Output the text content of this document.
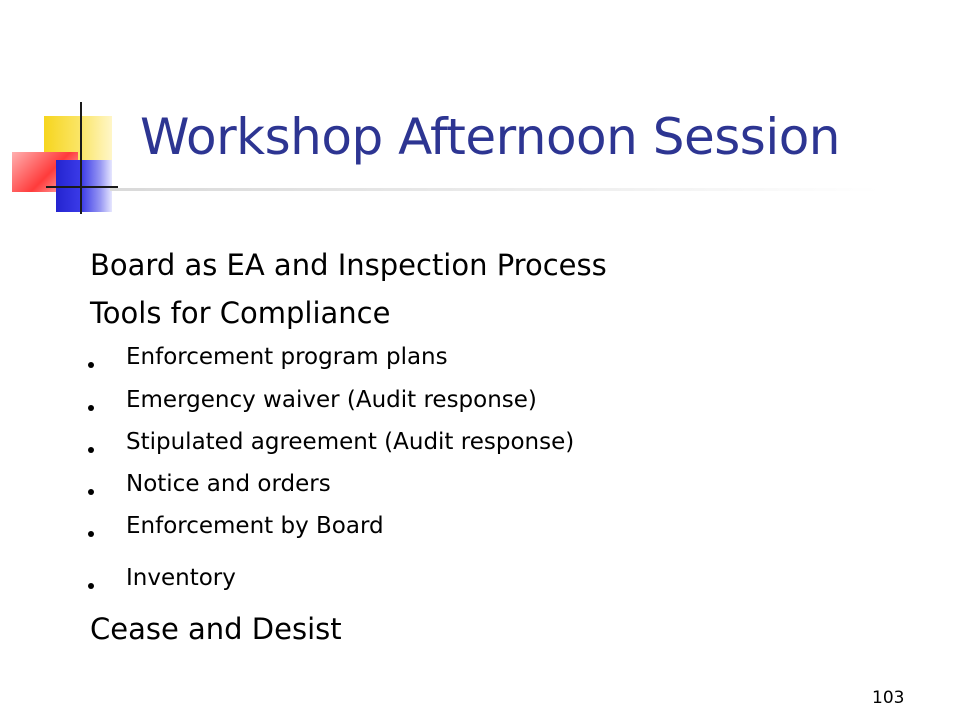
Workshop Afternoon Session
Board as EA and Inspection Process
Tools for Compliance
Enforcement program plans
Emergency waiver (Audit response)
Stipulated agreement (Audit response)
Notice and orders
Enforcement by Board
Inventory
Cease and Desist
103
